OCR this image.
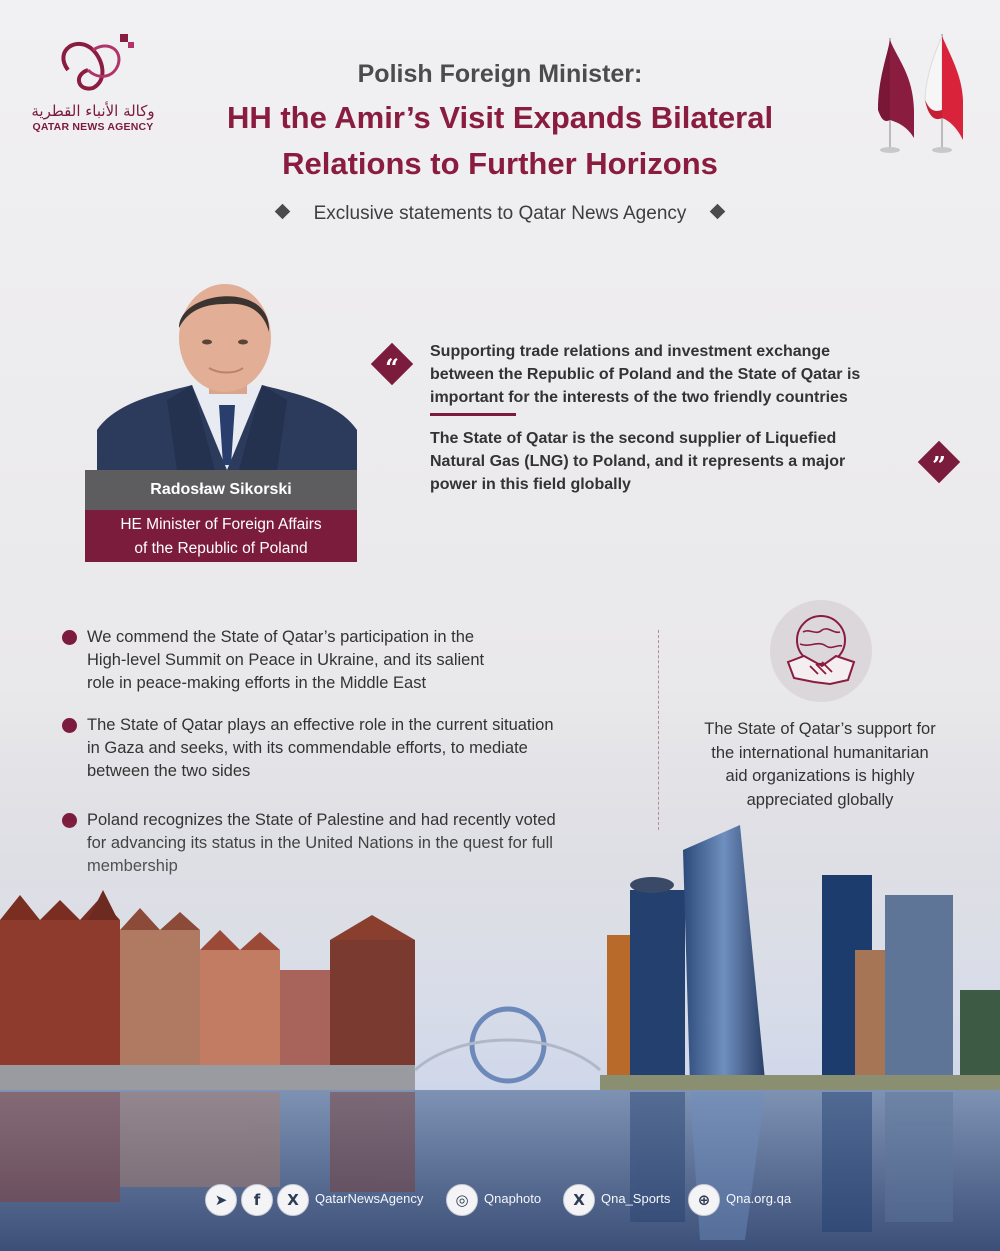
وكالة الأنباء القطرية
QATAR NEWS AGENCY
Polish Foreign Minister:
HH the Amir’s Visit Expands Bilateral
Relations to Further Horizons
Exclusive statements to Qatar News Agency
Radosław Sikorski
HE Minister of Foreign Affairs
of the Republic of Poland
“
Supporting trade relations and investment exchange
between the Republic of Poland and the State of Qatar is
important for the interests of the two friendly countries
The State of Qatar is the second supplier of Liquefied
Natural Gas (LNG) to Poland, and it represents a major
power in this field globally
”
We commend the State of Qatar’s participation in the
High-level Summit on Peace in Ukraine, and its salient
role in peace-making efforts in the Middle East
The State of Qatar plays an effective role in the current situation
in Gaza and seeks, with its commendable efforts, to mediate
between the two sides
The State of Qatar’s support for
the international humanitarian
aid organizations is highly
appreciated globally
➤	f	X	QatarNewsAgency	◎	Qnaphoto	X	Qna_Sports	⊕	Qna.org.qa
